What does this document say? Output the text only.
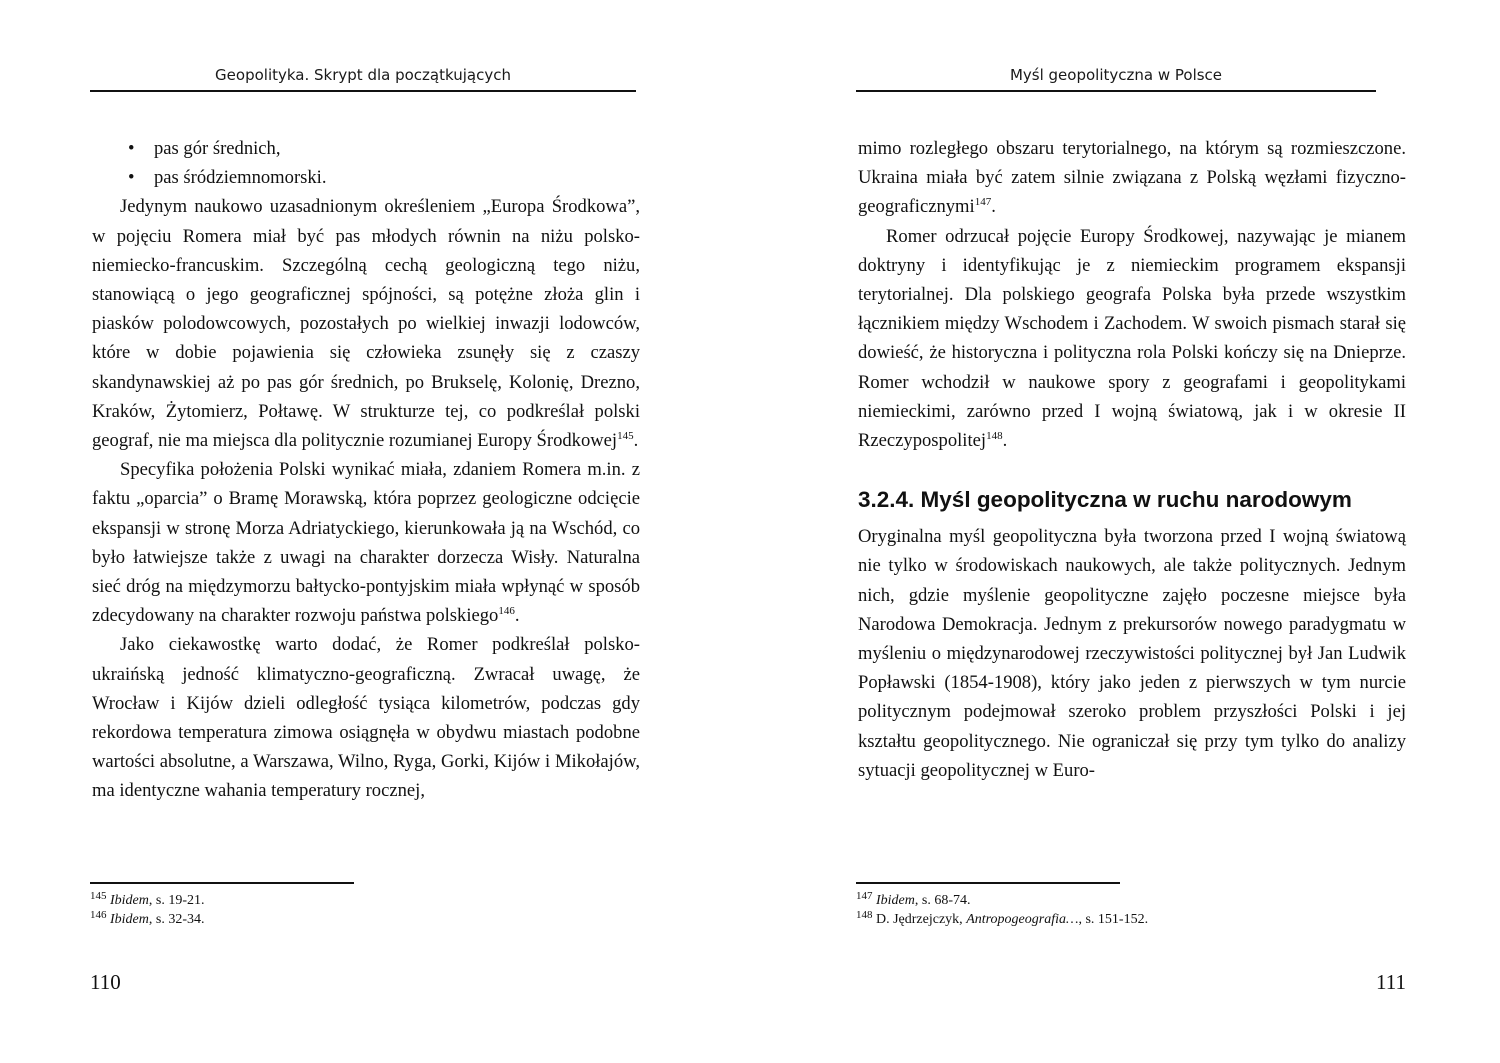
Geopolityka. Skrypt dla początkujących

• pas gór średnich,

• pas śródziemnomorski.

Jedynym naukowo uzasadnionym określeniem „Europa Środkowa”, w pojęciu Romera miał być pas młodych równin na niżu polsko-niemiecko-francuskim. Szczególną cechą geologiczną tego niżu, stanowiącą o jego geograficznej spójności, są potężne złoża glin i piasków polodowcowych, pozostałych po wielkiej inwazji lodowców, które w dobie pojawienia się człowieka zsunęły się z czaszy skandynawskiej aż po pas gór średnich, po Brukselę, Kolonię, Drezno, Kraków, Żytomierz, Połtawę. W strukturze tej, co podkreślał polski geograf, nie ma miejsca dla politycznie rozumianej Europy Środkowej$^{145}$.

Specyfika położenia Polski wynikać miała, zdaniem Romera m.in. z faktu „oparcia” o Bramę Morawską, która poprzez geologiczne odcięcie ekspansji w stronę Morza Adriatyckiego, kierunkowała ją na Wschód, co było łatwiejsze także z uwagi na charakter dorzecza Wisły. Naturalna sieć dróg na międzymorzu bałtycko-pontyjskim miała wpłynąć w sposób zdecydowany na charakter rozwoju państwa polskiego$^{146}$.

Jako ciekawostkę warto dodać, że Romer podkreślał polsko-ukraińską jedność klimatyczno-geograficzną. Zwracał uwagę, że Wrocław i Kijów dzieli odległość tysiąca kilometrów, podczas gdy rekordowa temperatura zimowa osiągnęła w obydwu miastach podobne wartości absolutne, a Warszawa, Wilno, Ryga, Gorki, Kijów i Mikołajów, ma identyczne wahania temperatury rocznej,

$^{145}$ Ibidem, s. 19-21.
$^{146}$ Ibidem, s. 32-34.
110
Myśl geopolityczna w Polsce

mimo rozległego obszaru terytorialnego, na którym są rozmieszczone. Ukraina miała być zatem silnie związana z Polską węzłami fizyczno-geograficznymi$^{147}$.

Romer odrzucał pojęcie Europy Środkowej, nazywając je mianem doktryny i identyfikując je z niemieckim programem ekspansji terytorialnej. Dla polskiego geografa Polska była przede wszystkim łącznikiem między Wschodem i Zachodem. W swoich pismach starał się dowieść, że historyczna i polityczna rola Polski kończy się na Dnieprze. Romer wchodził w naukowe spory z geografami i geopolitykami niemieckimi, zarówno przed I wojną światową, jak i w okresie II Rzeczypospolitej$^{148}$.

3.2.4. Myśl geopolityczna w ruchu narodowym

Oryginalna myśl geopolityczna była tworzona przed I wojną światową nie tylko w środowiskach naukowych, ale także politycznych. Jednym nich, gdzie myślenie geopolityczne zajęło poczesne miejsce była Narodowa Demokracja. Jednym z prekursorów nowego paradygmatu w myśleniu o międzynarodowej rzeczywistości politycznej był Jan Ludwik Popławski (1854-1908), który jako jeden z pierwszych w tym nurcie politycznym podejmował szeroko problem przyszłości Polski i jej kształtu geopolitycznego. Nie ograniczał się przy tym tylko do analizy sytuacji geopolitycznej w Euro-

$^{147}$ Ibidem, s. 68-74.
$^{148}$ D. Jędrzejczyk, Antropogeografia…, s. 151-152.
111
